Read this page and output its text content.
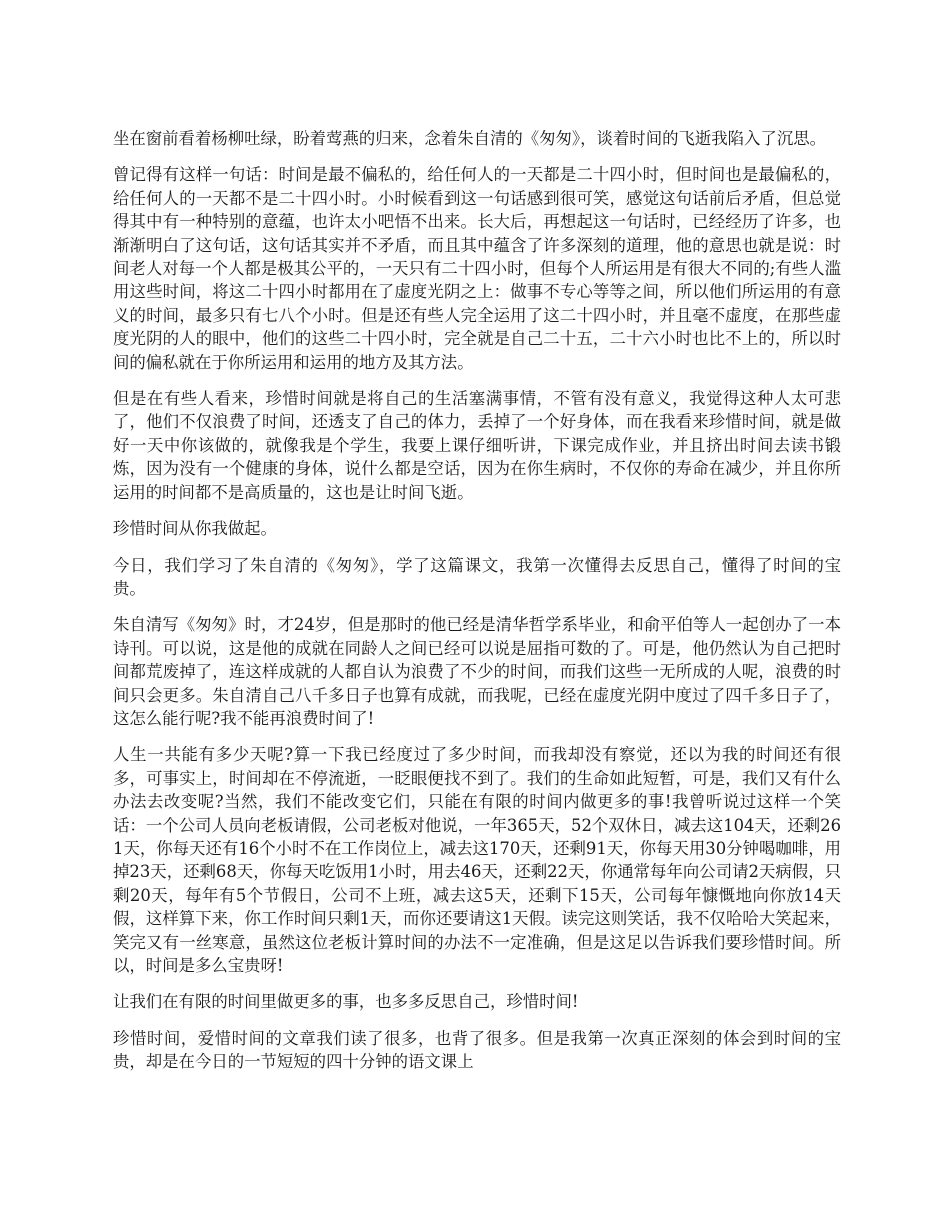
坐在窗前看着杨柳吐绿，盼着莺燕的归来，念着朱自清的《匆匆》，谈着时间的飞逝我陷入了沉思。

曾记得有这样一句话：时间是最不偏私的，给任何人的一天都是二十四小时，但时间也是最偏私的，给任何人的一天都不是二十四小时。小时候看到这一句话感到很可笑，感觉这句话前后矛盾，但总觉得其中有一种特别的意蕴，也许太小吧悟不出来。长大后，再想起这一句话时，已经经历了许多，也渐渐明白了这句话，这句话其实并不矛盾，而且其中蕴含了许多深刻的道理，他的意思也就是说：时间老人对每一个人都是极其公平的，一天只有二十四小时，但每个人所运用是有很大不同的;有些人滥用这些时间，将这二十四小时都用在了虚度光阴之上：做事不专心等等之间，所以他们所运用的有意义的时间，最多只有七八个小时。但是还有些人完全运用了这二十四小时，并且毫不虚度，在那些虚度光阴的人的眼中，他们的这些二十四小时，完全就是自己二十五，二十六小时也比不上的，所以时间的偏私就在于你所运用和运用的地方及其方法。

但是在有些人看来，珍惜时间就是将自己的生活塞满事情，不管有没有意义，我觉得这种人太可悲了，他们不仅浪费了时间，还透支了自己的体力，丢掉了一个好身体，而在我看来珍惜时间，就是做好一天中你该做的，就像我是个学生，我要上课仔细听讲，下课完成作业，并且挤出时间去读书锻炼，因为没有一个健康的身体，说什么都是空话，因为在你生病时，不仅你的寿命在减少，并且你所运用的时间都不是高质量的，这也是让时间飞逝。

珍惜时间从你我做起。

今日，我们学习了朱自清的《匆匆》，学了这篇课文，我第一次懂得去反思自己，懂得了时间的宝贵。

朱自清写《匆匆》时，才24岁，但是那时的他已经是清华哲学系毕业，和俞平伯等人一起创办了一本诗刊。可以说，这是他的成就在同龄人之间已经可以说是屈指可数的了。可是，他仍然认为自己把时间都荒废掉了，连这样成就的人都自认为浪费了不少的时间，而我们这些一无所成的人呢，浪费的时间只会更多。朱自清自己八千多日子也算有成就，而我呢，已经在虚度光阴中度过了四千多日子了，这怎么能行呢?我不能再浪费时间了!

人生一共能有多少天呢?算一下我已经度过了多少时间，而我却没有察觉，还以为我的时间还有很多，可事实上，时间却在不停流逝，一眨眼便找不到了。我们的生命如此短暂，可是，我们又有什么办法去改变呢?当然，我们不能改变它们，只能在有限的时间内做更多的事!我曾听说过这样一个笑话：一个公司人员向老板请假，公司老板对他说，一年365天，52个双休日，减去这104天，还剩261天，你每天还有16个小时不在工作岗位上，减去这170天，还剩91天，你每天用30分钟喝咖啡，用掉23天，还剩68天，你每天吃饭用1小时，用去46天，还剩22天，你通常每年向公司请2天病假，只剩20天，每年有5个节假日，公司不上班，减去这5天，还剩下15天，公司每年慷慨地向你放14天假，这样算下来，你工作时间只剩1天，而你还要请这1天假。读完这则笑话，我不仅哈哈大笑起来，笑完又有一丝寒意，虽然这位老板计算时间的办法不一定准确，但是这足以告诉我们要珍惜时间。所以，时间是多么宝贵呀!

让我们在有限的时间里做更多的事，也多多反思自己，珍惜时间!

珍惜时间，爱惜时间的文章我们读了很多，也背了很多。但是我第一次真正深刻的体会到时间的宝贵，却是在今日的一节短短的四十分钟的语文课上
